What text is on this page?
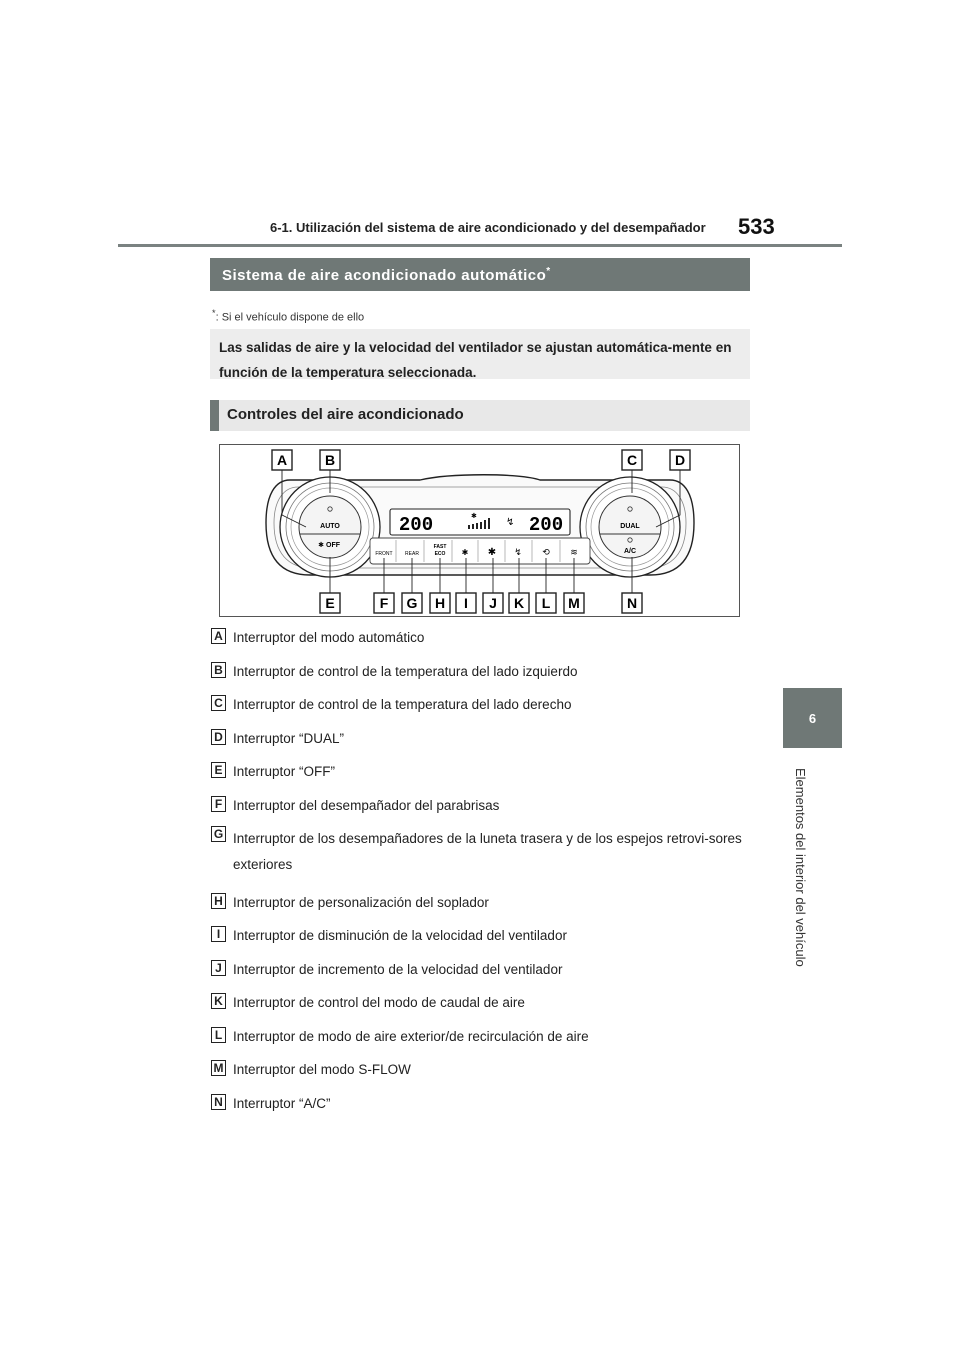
6-1. Utilización del sistema de aire acondicionado y del desempañador 533
6
Elementos del interior del vehículo
Sistema de aire acondicionado automático*
*: Si el vehículo dispone de ello
Las salidas de aire y la velocidad del ventilador se ajustan automática-mente en función de la temperatura seleccionada.
Controles del aire acondicionado
AUTO
OFF
✱
DUAL
A/C
200	200
✱
↯
FRONT REAR
FAST
ECO ✱ ✱ ↯ ⟲ ≋
A	B	C	D
E	F G H I J K L M	N
A Interruptor del modo automático
B Interruptor de control de la temperatura del lado izquierdo
C Interruptor de control de la temperatura del lado derecho
D Interruptor “DUAL”
E Interruptor “OFF”
F Interruptor del desempañador del parabrisas
G Interruptor de los desempañadores de la luneta trasera y de los espejos retrovi-sores exteriores
H Interruptor de personalización del soplador
I Interruptor de disminución de la velocidad del ventilador
J Interruptor de incremento de la velocidad del ventilador
K Interruptor de control del modo de caudal de aire
L Interruptor de modo de aire exterior/de recirculación de aire
M Interruptor del modo S-FLOW
N Interruptor “A/C”
